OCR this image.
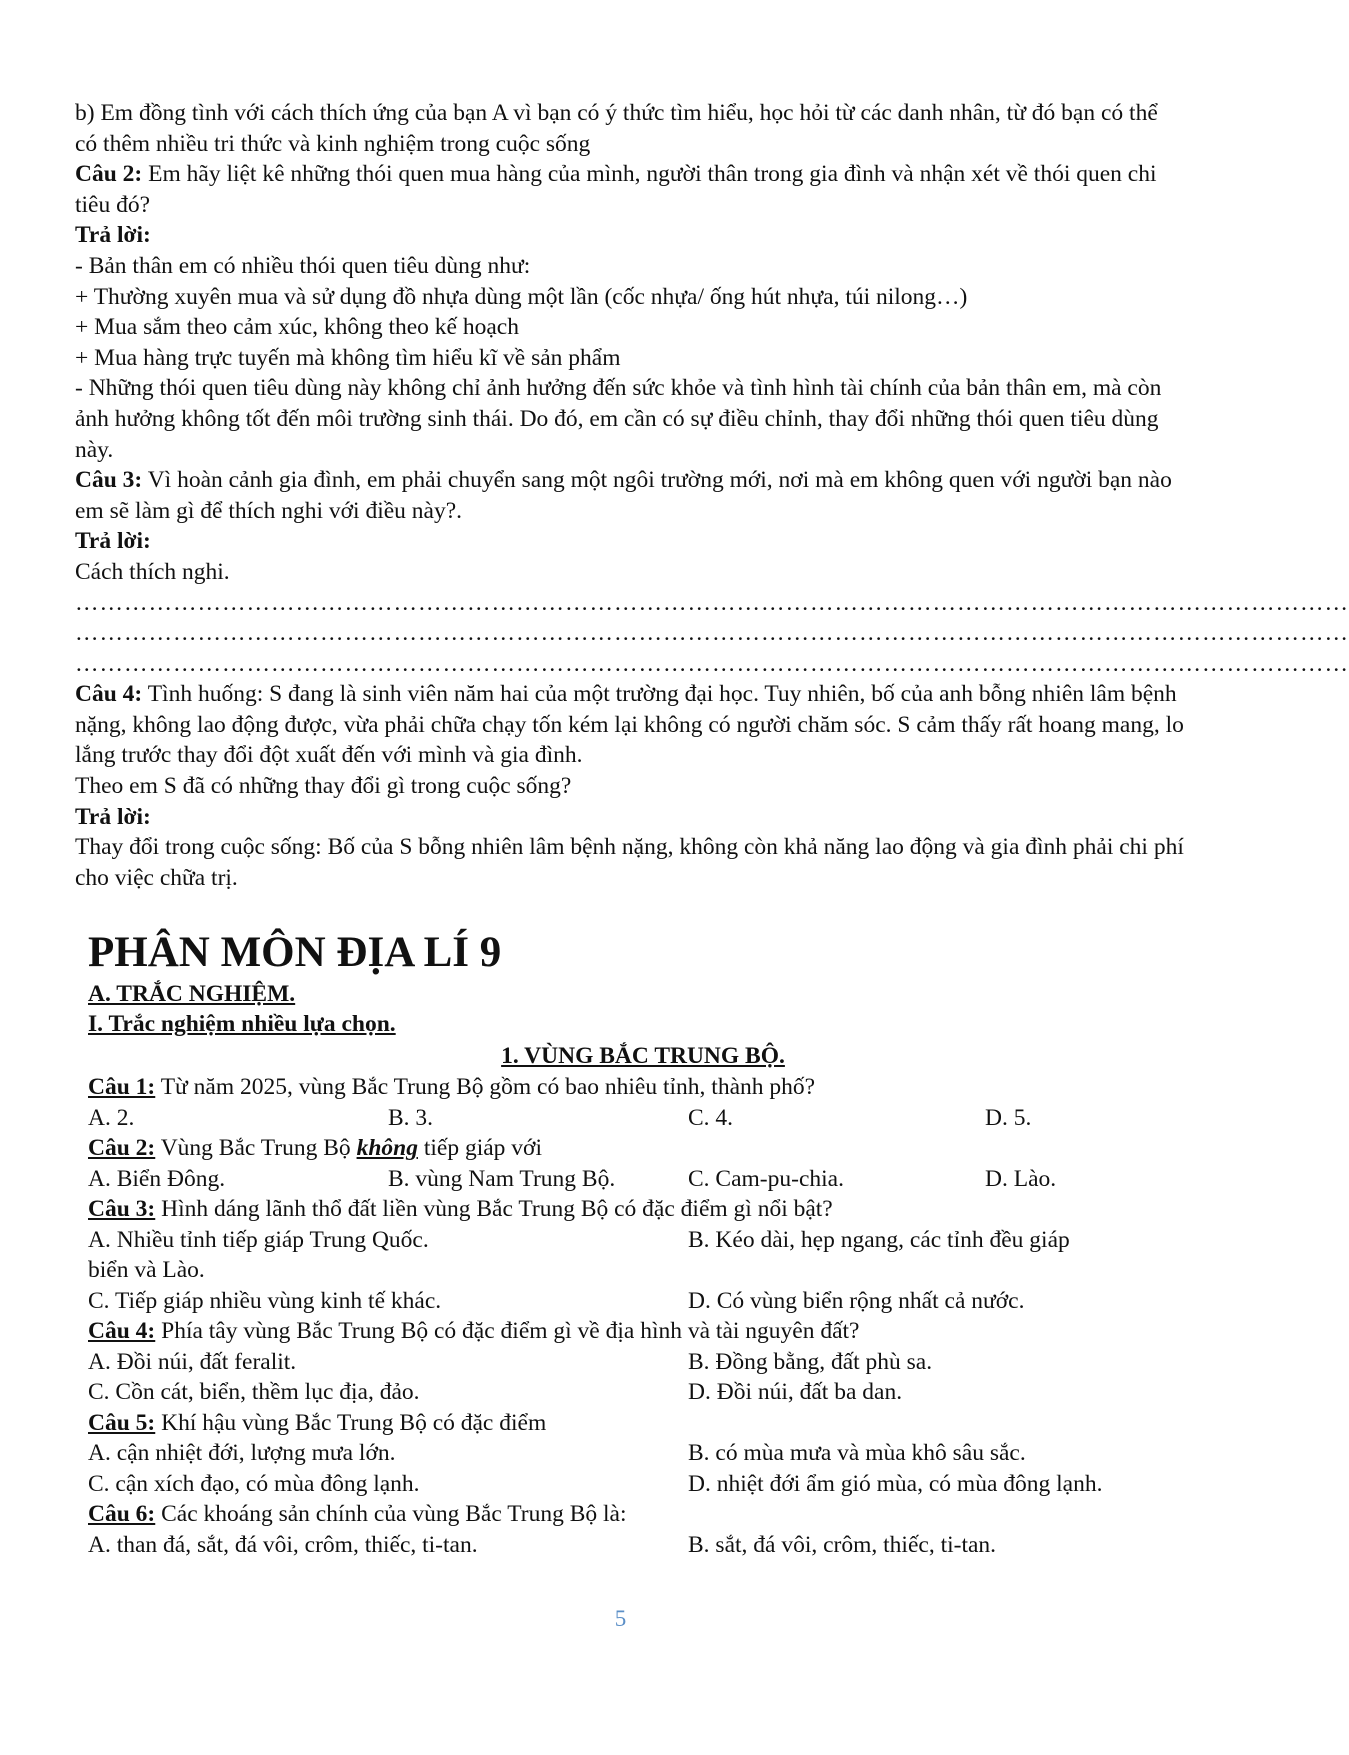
b) Em đồng tình với cách thích ứng của bạn A vì bạn có ý thức tìm hiểu, học hỏi từ các danh nhân, từ đó bạn có thể có thêm nhiều tri thức và kinh nghiệm trong cuộc sống

Câu 2: Em hãy liệt kê những thói quen mua hàng của mình, người thân trong gia đình và nhận xét về thói quen chi tiêu đó?

Trả lời:

- Bản thân em có nhiều thói quen tiêu dùng như:

+ Thường xuyên mua và sử dụng đồ nhựa dùng một lần (cốc nhựa/ ống hút nhựa, túi nilong…)

+ Mua sắm theo cảm xúc, không theo kế hoạch

+ Mua hàng trực tuyến mà không tìm hiểu kĩ về sản phẩm

- Những thói quen tiêu dùng này không chỉ ảnh hưởng đến sức khỏe và tình hình tài chính của bản thân em, mà còn ảnh hưởng không tốt đến môi trường sinh thái. Do đó, em cần có sự điều chỉnh, thay đổi những thói quen tiêu dùng này.

Câu 3: Vì hoàn cảnh gia đình, em phải chuyển sang một ngôi trường mới, nơi mà em không quen với người bạn nào em sẽ làm gì để thích nghi với điều này?.

Trả lời:

Cách thích nghi.

…………………………………………………………………………………………………………………………………………

…………………………………………………………………………………………………………………………………………

…………………………………………………………………………………………………………………………………………

Câu 4: Tình huống: S đang là sinh viên năm hai của một trường đại học. Tuy nhiên, bố của anh bỗng nhiên lâm bệnh nặng, không lao động được, vừa phải chữa chạy tốn kém lại không có người chăm sóc. S cảm thấy rất hoang mang, lo lắng trước thay đổi đột xuất đến với mình và gia đình.

Theo em S đã có những thay đổi gì trong cuộc sống?

Trả lời:

Thay đổi trong cuộc sống: Bố của S bỗng nhiên lâm bệnh nặng, không còn khả năng lao động và gia đình phải chi phí cho việc chữa trị.

PHÂN MÔN ĐỊA LÍ 9
A. TRẮC NGHIỆM.
I. Trắc nghiệm nhiều lựa chọn.
1. VÙNG BẮC TRUNG BỘ.
Câu 1: Từ năm 2025, vùng Bắc Trung Bộ gồm có bao nhiêu tỉnh, thành phố?
A. 2.	B. 3.	C. 4.	D. 5.
Câu 2: Vùng Bắc Trung Bộ không tiếp giáp với
A. Biển Đông.	B. vùng Nam Trung Bộ.	C. Cam-pu-chia.	D. Lào.
Câu 3: Hình dáng lãnh thổ đất liền vùng Bắc Trung Bộ có đặc điểm gì nổi bật?
A. Nhiều tỉnh tiếp giáp Trung Quốc.	B. Kéo dài, hẹp ngang, các tỉnh đều giáp
biển và Lào.
C. Tiếp giáp nhiều vùng kinh tế khác.	D. Có vùng biển rộng nhất cả nước.
Câu 4: Phía tây vùng Bắc Trung Bộ có đặc điểm gì về địa hình và tài nguyên đất?
A. Đồi núi, đất feralit.	B. Đồng bằng, đất phù sa.
C. Cồn cát, biển, thềm lục địa, đảo.	D. Đồi núi, đất ba dan.
Câu 5: Khí hậu vùng Bắc Trung Bộ có đặc điểm
A. cận nhiệt đới, lượng mưa lớn.	B. có mùa mưa và mùa khô sâu sắc.
C. cận xích đạo, có mùa đông lạnh.	D. nhiệt đới ẩm gió mùa, có mùa đông lạnh.
Câu 6: Các khoáng sản chính của vùng Bắc Trung Bộ là:
A. than đá, sắt, đá vôi, crôm, thiếc, ti-tan.	B. sắt, đá vôi, crôm, thiếc, ti-tan.
5
